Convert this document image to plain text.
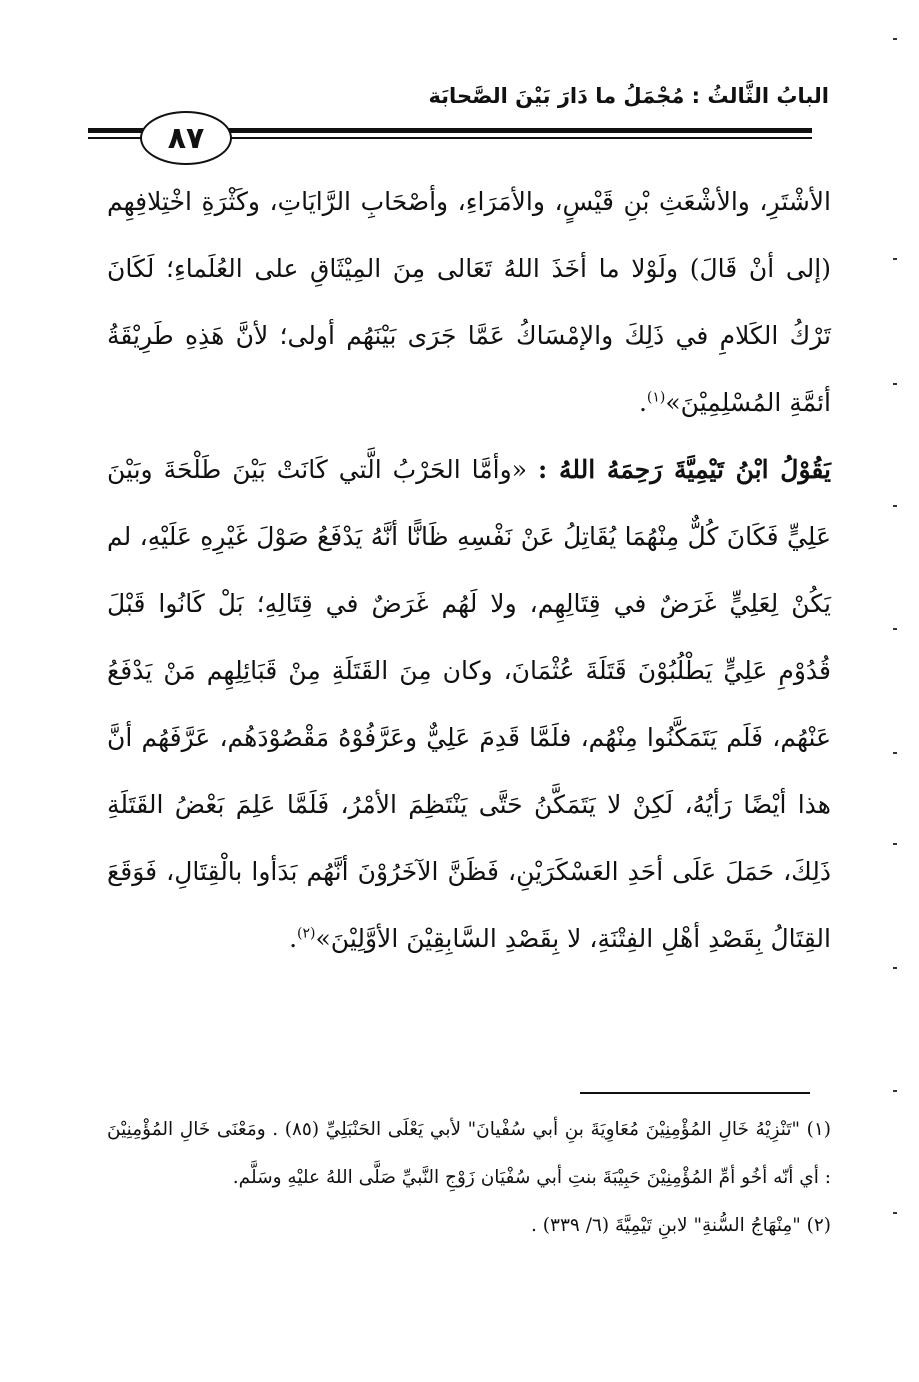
البابُ الثَّالثُ : مُجْمَلُ ما دَارَ بَيْنَ الصَّحابَة
٨٧

الأشْتَرِ، والأشْعَثِ بْنِ قَيْسٍ، والأمَرَاءِ، وأصْحَابِ الرَّايَاتِ، وكَثْرَةِ اخْتِلافِهِم (إلى أنْ قَالَ) ولَوْلا ما أخَذَ اللهُ تَعَالى مِنَ المِيْثَاقِ على العُلَماءِ؛ لَكَانَ تَرْكُ الكَلامِ في ذَلِكَ والإمْسَاكُ عَمَّا جَرَى بَيْنَهُم أولى؛ لأنَّ هَذِهِ طَرِيْقَةُ أئمَّةِ المُسْلِمِيْنَ»$^{(١)}$.

يَقُوْلُ ابْنُ تَيْمِيَّةَ رَحِمَهُ اللهُ : «وأمَّا الحَرْبُ الَّتي كَانَتْ بَيْنَ طَلْحَةَ وبَيْنَ عَلِيٍّ فَكَانَ كُلٌّ مِنْهُمَا يُقَاتِلُ عَنْ نَفْسِهِ ظَانًّا أنَّهُ يَدْفَعُ صَوْلَ غَيْرِهِ عَلَيْهِ، لم يَكُنْ لِعَلِيٍّ غَرَضٌ في قِتَالِهِم، ولا لَهُم غَرَضٌ في قِتَالِهِ؛ بَلْ كَانُوا قَبْلَ قُدُوْمِ عَلِيٍّ يَطْلُبُوْنَ قَتَلَةَ عُثْمَانَ، وكان مِنَ القَتَلَةِ مِنْ قَبَائِلِهِم مَنْ يَدْفَعُ عَنْهُم، فَلَم يَتَمَكَّنُوا مِنْهُم، فلَمَّا قَدِمَ عَلِيٌّ وعَرَّفُوْهُ مَقْصُوْدَهُم، عَرَّفَهُم أنَّ هذا أيْضًا رَأيُهُ، لَكِنْ لا يَتَمَكَّنُ حَتَّى يَنْتَظِمَ الأمْرُ، فَلَمَّا عَلِمَ بَعْضُ القَتَلَةِ ذَلِكَ، حَمَلَ عَلَى أحَدِ العَسْكَرَيْنِ، فَظَنَّ الآخَرُوْنَ أنَّهُم بَدَأوا بالْقِتَالِ، فَوَقَعَ القِتَالُ بِقَصْدِ أهْلِ الفِتْنَةِ، لا بِقَصْدِ السَّابِقِيْنَ الأوَّلِيْنَ»$^{(٢)}$.

(١) "تَنْزِيْهُ خَالِ المُؤْمِنِيْنَ مُعَاوِيَةَ بنِ أبي سُفْيانَ" لأبي يَعْلَى الحَنْبَلِيِّ (٨٥) . ومَعْنَى خَالِ المُؤْمِنِيْنَ : أي أنّه أخُو أمِّ المُؤْمِنِيْنَ حَبِيْبَةَ بنتِ أبي سُفْيَان زَوْجِ النَّبيِّ صَلَّى اللهُ عليْهِ وسَلَّم.

(٢) "مِنْهَاجُ السُّنةِ" لابنِ تَيْمِيَّةَ (٦/ ٣٣٩) .
